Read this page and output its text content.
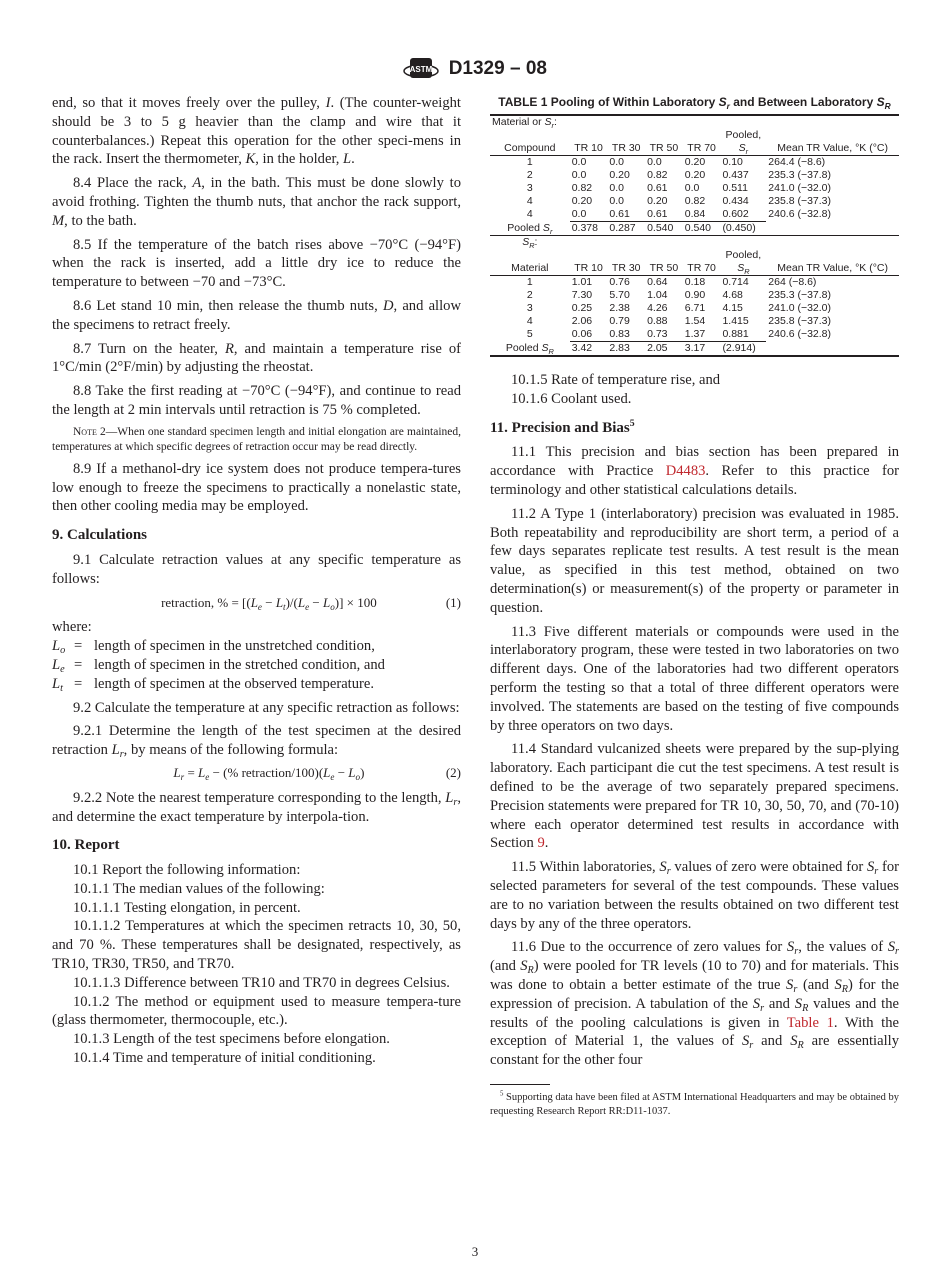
ASTM D1329 – 08

end, so that it moves freely over the pulley, I. (The counter-weight should be 3 to 5 g heavier than the clamp and wire that it counterbalances.) Repeat this operation for the other speci-mens in the rack. Insert the thermometer, K, in the holder, L.

8.4 Place the rack, A, in the bath. This must be done slowly to avoid frothing. Tighten the thumb nuts, that anchor the rack support, M, to the bath.

8.5 If the temperature of the batch rises above −70°C (−94°F) when the rack is inserted, add a little dry ice to reduce the temperature to between −70 and −73°C.

8.6 Let stand 10 min, then release the thumb nuts, D, and allow the specimens to retract freely.

8.7 Turn on the heater, R, and maintain a temperature rise of 1°C/min (2°F/min) by adjusting the rheostat.

8.8 Take the first reading at −70°C (−94°F), and continue to read the length at 2 min intervals until retraction is 75 % completed.

Note 2—When one standard specimen length and initial elongation are maintained, temperatures at which specific degrees of retraction occur may be read directly.

8.9 If a methanol-dry ice system does not produce tempera-tures low enough to freeze the specimens to practically a nonelastic state, then other cooling media may be employed.

9. Calculations

9.1 Calculate retraction values at any specific temperature as follows:

retraction, % = $[(L_e - L_t)/(L_e - L_o)] \times 100$	(1)

where:

$L_o$ = length of specimen in the unstretched condition,
$L_e$ = length of specimen in the stretched condition, and
$L_t$ = length of specimen at the observed temperature.

9.2 Calculate the temperature at any specific retraction as follows:

9.2.1 Determine the length of the test specimen at the desired retraction $L_r$, by means of the following formula:

$L_r = L_e$ − (% retraction/$100)(L_e - L_o)$	(2)

9.2.2 Note the nearest temperature corresponding to the length, $L_r$, and determine the exact temperature by interpola-tion.

10. Report

10.1 Report the following information:

10.1.1 The median values of the following:

10.1.1.1 Testing elongation, in percent.

10.1.1.2 Temperatures at which the specimen retracts 10, 30, 50, and 70 %. These temperatures shall be designated, respectively, as TR10, TR30, TR50, and TR70.

10.1.1.3 Difference between TR10 and TR70 in degrees Celsius.

10.1.2 The method or equipment used to measure tempera-ture (glass thermometer, thermocouple, etc.).

10.1.3 Length of the test specimens before elongation.

10.1.4 Time and temperature of initial conditioning.

TABLE 1 Pooling of Within Laboratory $S_r$ and Between Laboratory $S_R$
Material or $S_r$:						
Compound	TR 10	TR 30	TR 50	TR 70	Pooled,
$S_r$	Mean TR Value, °K (°C)
1	0.0	0.0	0.0	0.20	0.10	264.4 (−8.6)
2	0.0	0.20	0.82	0.20	0.437	235.3 (−37.8)
3	0.82	0.0	0.61	0.0	0.511	241.0 (−32.0)
4	0.20	0.0	0.20	0.82	0.434	235.8 (−37.3)
4	0.0	0.61	0.61	0.84	0.602	240.6 (−32.8)
Pooled $S_r$	0.378	0.287	0.540	0.540	(0.450)	
$S_R$:						
Material	TR 10	TR 30	TR 50	TR 70	Pooled,
$S_R$	Mean TR Value, °K (°C)
1	1.01	0.76	0.64	0.18	0.714	264 (−8.6)
2	7.30	5.70	1.04	0.90	4.68	235.3 (−37.8)
3	0.25	2.38	4.26	6.71	4.15	241.0 (−32.0)
4	2.06	0.79	0.88	1.54	1.415	235.8 (−37.3)
5	0.06	0.83	0.73	1.37	0.881	240.6 (−32.8)
Pooled $S_R$	3.42	2.83	2.05	3.17	(2.914)	

10.1.5 Rate of temperature rise, and

10.1.6 Coolant used.

11. Precision and Bias$^5$

11.1 This precision and bias section has been prepared in accordance with Practice D4483. Refer to this practice for terminology and other statistical calculations details.

11.2 A Type 1 (interlaboratory) precision was evaluated in 1985. Both repeatability and reproducibility are short term, a period of a few days separates replicate test results. A test result is the mean value, as specified in this test method, obtained on two determination(s) or measurement(s) of the property or parameter in question.

11.3 Five different materials or compounds were used in the interlaboratory program, these were tested in two laboratories on two different days. One of the laboratories had two different operators perform the testing so that a total of three different operators were involved. The statements are based on the testing of five compounds by three operators on two days.

11.4 Standard vulcanized sheets were prepared by the sup-plying laboratory. Each participant die cut the test specimens. A test result is defined to be the average of two separately prepared specimens. Precision statements were prepared for TR 10, 30, 50, 70, and (70-10) where each operator determined test results in accordance with Section 9.

11.5 Within laboratories, $S_r$ values of zero were obtained for $S_r$ for selected parameters for several of the test compounds. These values are to no variation between the results obtained on two different test days by any of the three operators.

11.6 Due to the occurrence of zero values for $S_r$, the values of $S_r$ (and $S_R$) were pooled for TR levels (10 to 70) and for materials. This was done to obtain a better estimate of the true $S_r$ (and $S_R$) for the expression of precision. A tabulation of the $S_r$ and $S_R$ values and the results of the pooling calculations is given in Table 1. With the exception of Material 1, the values of $S_r$ and $S_R$ are essentially constant for the other four

$^5$ Supporting data have been filed at ASTM International Headquarters and may be obtained by requesting Research Report RR:D11-1037.

3
